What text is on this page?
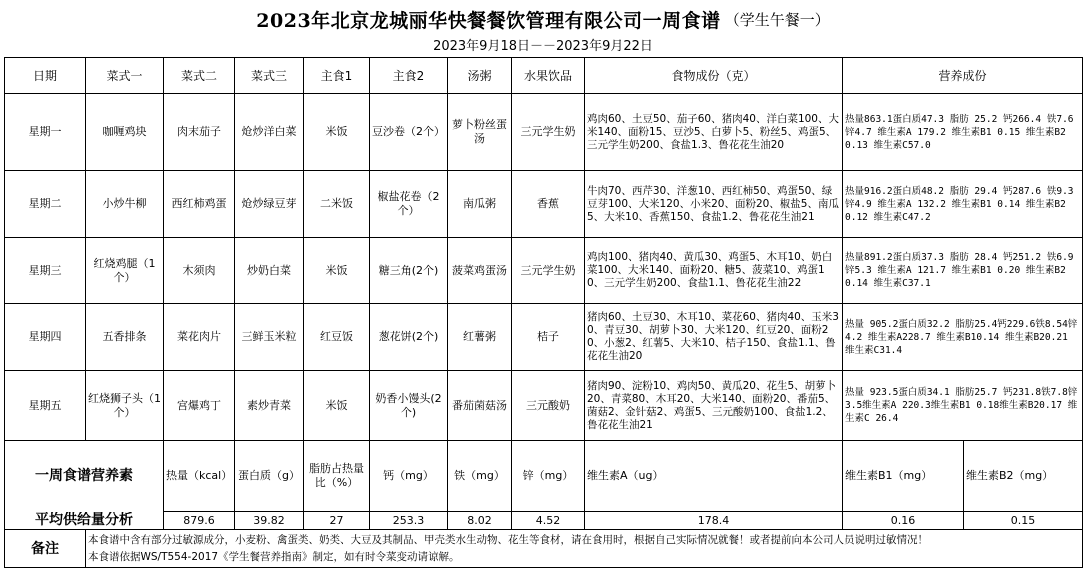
2023年北京龙城丽华快餐餐饮管理有限公司一周食谱 （学生午餐一）
2023年9月18日－－2023年9月22日
日期	菜式一	菜式二	菜式三	主食1	主食2	汤粥	水果饮品	食物成份（克）	营养成份		
星期一	咖喱鸡块	肉末茄子	炝炒洋白菜	米饭	豆沙卷（2个）	萝卜粉丝蛋汤	三元学生奶	鸡肉60、土豆50、茄子60、猪肉40、洋白菜100、大米140、面粉15、豆沙5、白萝卜5、粉丝5、鸡蛋5、三元学生奶200、食盐1.3、鲁花花生油20	热量863.1蛋白质47.3 脂肪 25.2 钙266.4 铁7.6 锌4.7 维生素A 179.2 维生素B1 0.15 维生素B2 0.13 维生素C57.0		
星期二	小炒牛柳	西红柿鸡蛋	炝炒绿豆芽	二米饭	椒盐花卷（2个）	南瓜粥	香蕉	牛肉70、西芹30、洋葱10、西红柿50、鸡蛋50、绿豆芽100、大米120、小米20、面粉20、椒盐5、南瓜5、大米10、香蕉150、食盐1.2、鲁花花生油21	热量916.2蛋白质48.2 脂肪 29.4 钙287.6 铁9.3 锌4.9 维生素A 132.2 维生素B1 0.14 维生素B2 0.12 维生素C47.2		
星期三	红烧鸡腿（1个）	木须肉	炒奶白菜	米饭	糖三角(2个)	菠菜鸡蛋汤	三元学生奶	鸡肉100、猪肉40、黄瓜30、鸡蛋5、木耳10、奶白菜100、大米140、面粉20、糖5、菠菜10、鸡蛋10、三元学生奶200、食盐1.1、鲁花花生油22	热量891.2蛋白质37.3 脂肪 28.4 钙251.2 铁6.9 锌5.3 维生素A 121.7 维生素B1 0.20 维生素B2 0.14 维生素C37.1		
星期四	五香排条	菜花肉片	三鲜玉米粒	红豆饭	葱花饼(2个)	红薯粥	桔子	猪肉60、土豆30、木耳10、菜花60、猪肉40、玉米30、青豆30、胡萝卜30、大米120、红豆20、面粉20、小葱2、红薯5、大米10、桔子150、食盐1.1、鲁花花生油20	热量 905.2蛋白质32.2 脂肪25.4钙229.6铁8.54锌4.2 维生素A228.7 维生素B10.14 维生素B20.21 维生素C31.4		
星期五	红烧狮子头（1个）	宫爆鸡丁	素炒青菜	米饭	奶香小馒头(2个)	番茄菌菇汤	三元酸奶	猪肉90、淀粉10、鸡肉50、黄瓜20、花生5、胡萝卜20、青菜80、木耳20、大米140、面粉20、番茄5、菌菇2、金针菇2、鸡蛋5、三元酸奶100、食盐1.2、鲁花花生油21	热量 923.5蛋白质34.1 脂肪25.7 钙231.8铁7.8锌3.5维生素A 220.3维生素B1 0.18维生素B20.17 维生素C 26.4		
一周食谱营养素		热量（kcal）	蛋白质（g）	脂肪占热量比（%）	钙（mg）	铁（mg）	锌（mg）	维生素A（ug）	维生素B1（mg）	维生素B2（mg）	
平均供给量分析		879.6	39.82	27	253.3	8.02	4.52	178.4	0.16	0.15	
备注	本食谱中含有部分过敏源成分，小麦粉、禽蛋类、奶类、大豆及其制品、甲壳类水生动物、花生等食材，请在食用时，根据自己实际情况就餐！或者提前向本公司人员说明过敏情况！
本食谱依据WS/T554-2017《学生餐营养指南》制定，如有时令菜变动请谅解。										
